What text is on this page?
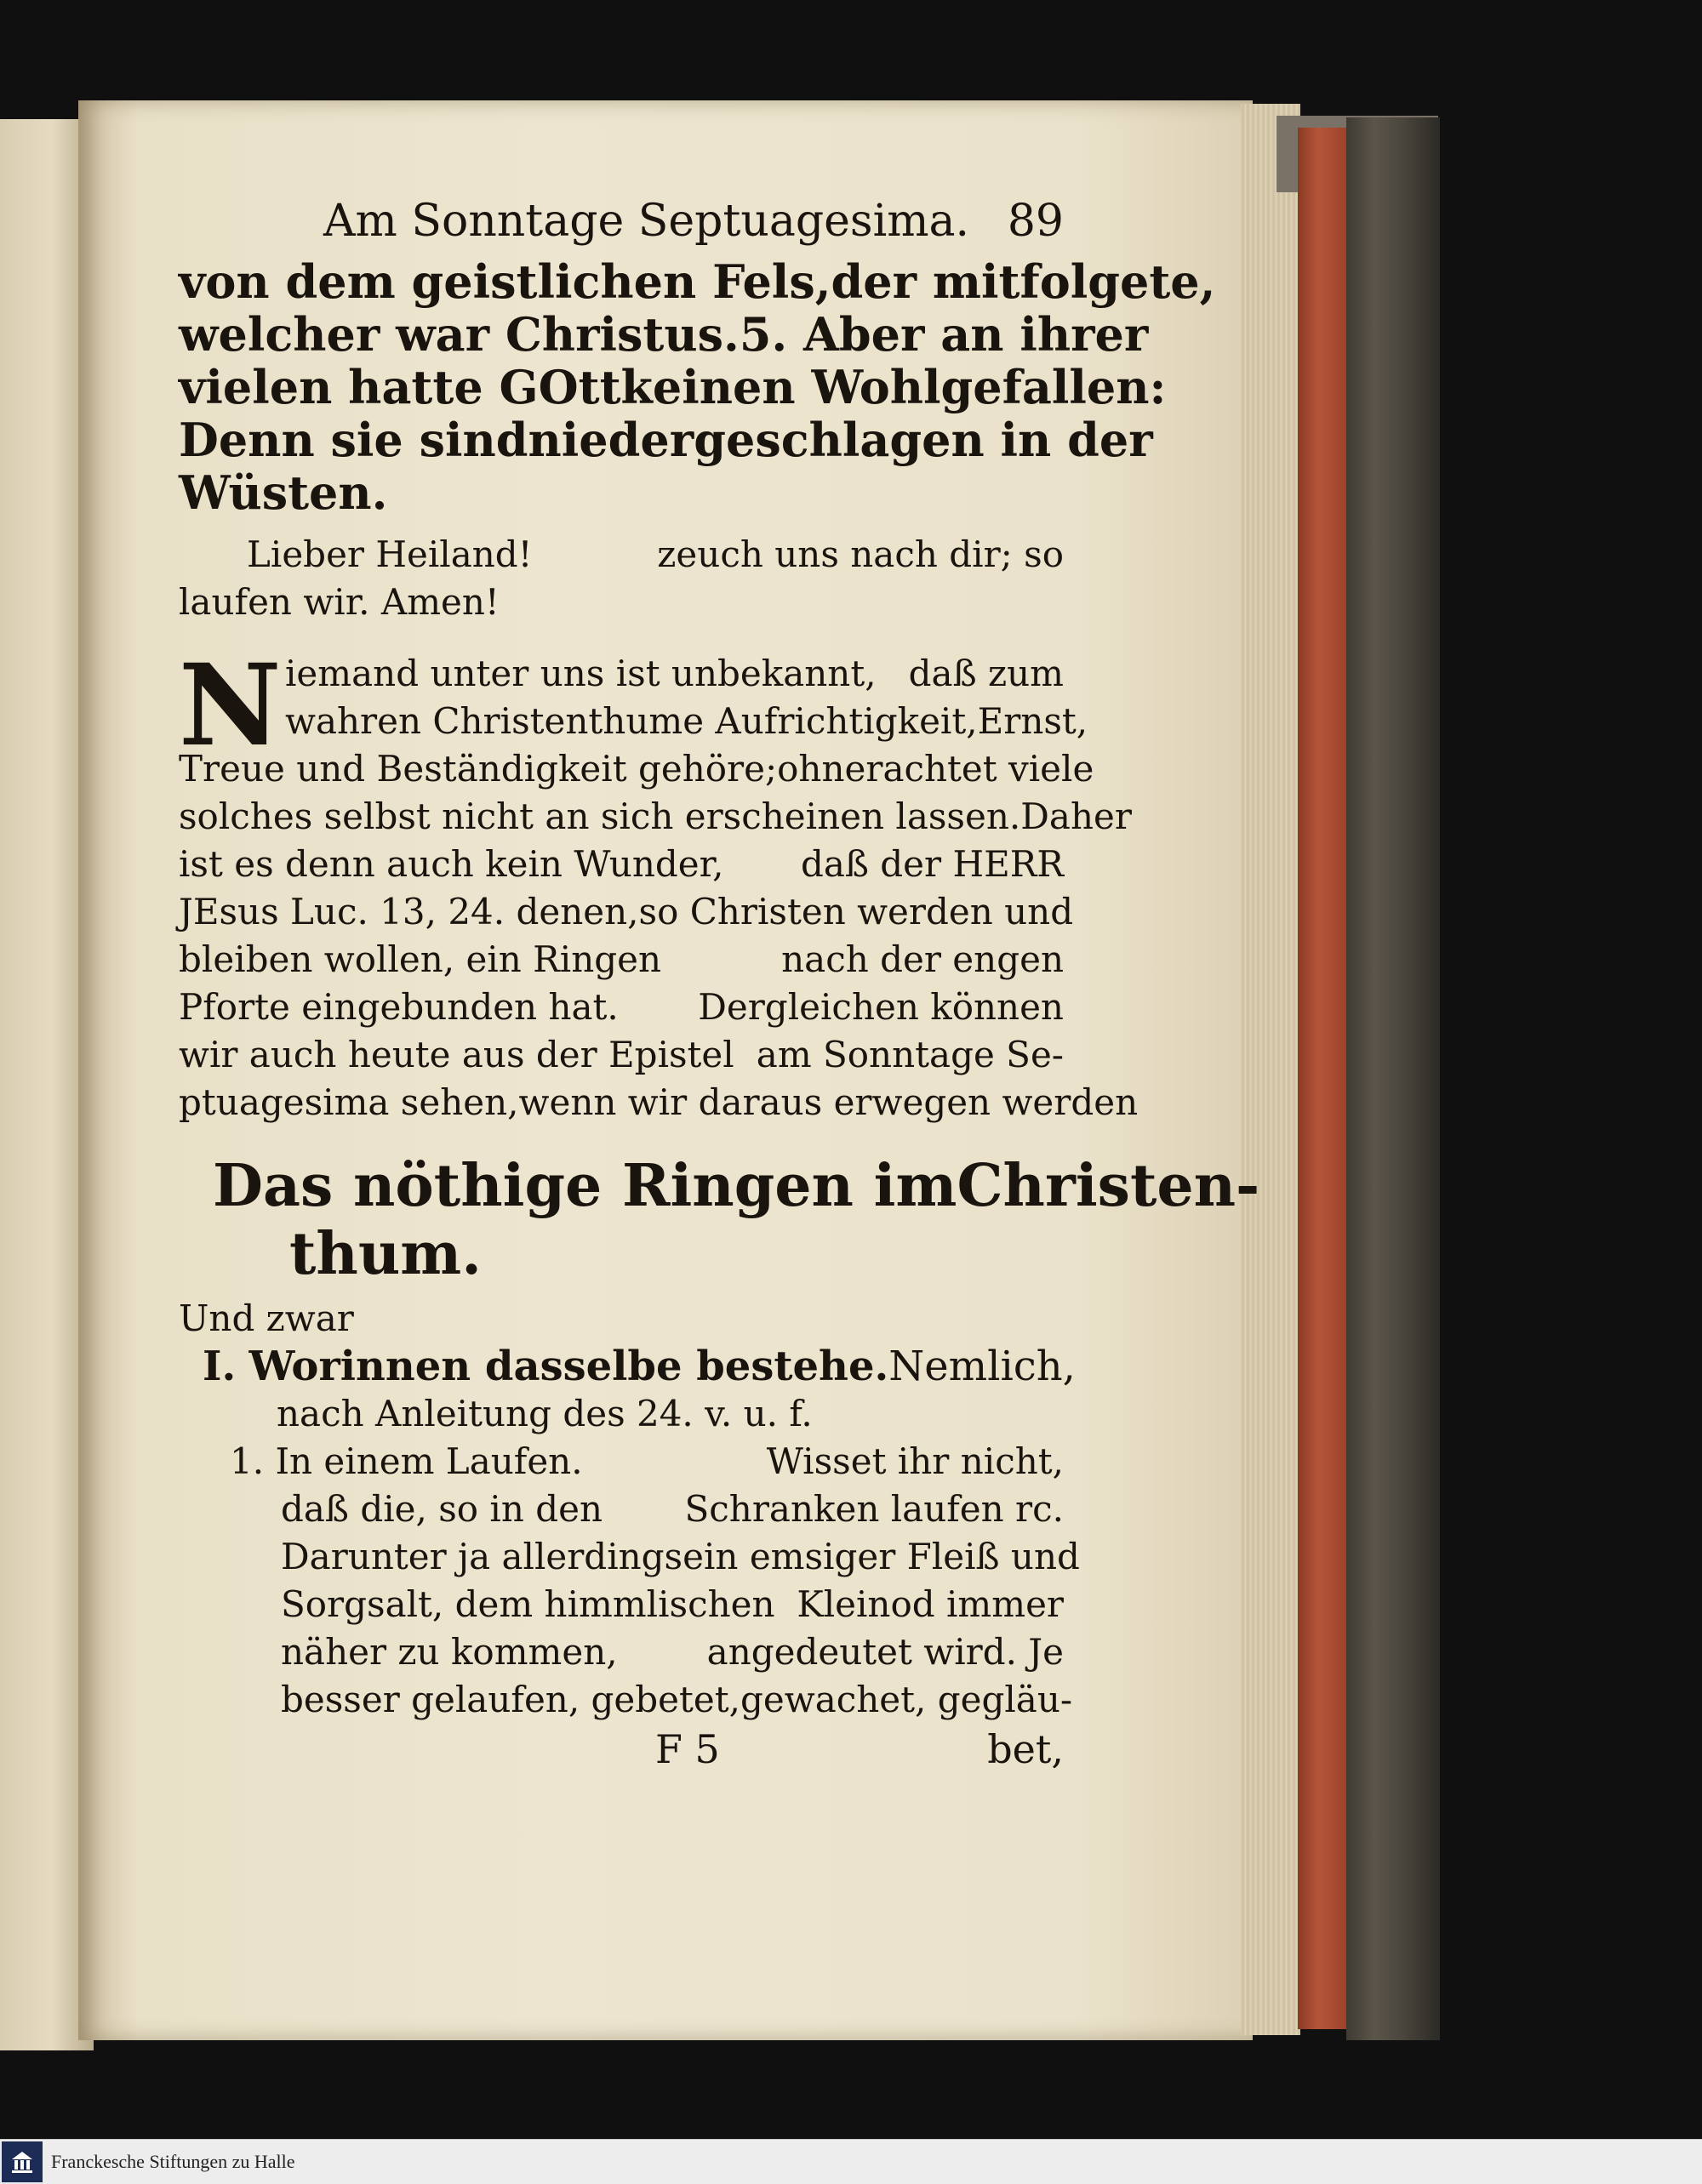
Am Sonntage Septuagesima. 89
von dem geistlichen Fels, der mitfolgete,
welcher war Christus. 5. Aber an ihrer
vielen hatte GOtt keinen Wohlgefallen:
Denn sie sind niedergeschlagen in der
Wüsten.
Lieber Heiland!	zeuch uns nach dir; so
laufen wir. Amen!
N iemand unter uns ist unbekannt, daß zum
wahren Christenthume Aufrichtigkeit, Ernst,
Treue und Beständigkeit gehöre; ohnerachtet viele
solches selbst nicht an sich erscheinen lassen. Daher
ist es denn auch kein Wunder, daß der HERR
JEsus Luc. 13, 24. denen, so Christen werden und
bleiben wollen, ein Ringen	nach der engen
Pforte eingebunden hat. Dergleichen können
wir auch heute aus der Epistel am Sonntage Se-
ptuagesima sehen, wenn wir daraus erwegen werden
Das nöthige Ringen im Christen-
thum.
Und zwar
I. Worinnen dasselbe bestehe. Nemlich,
nach Anleitung des 24. v. u. f.
1. In einem Laufen.	Wisset ihr nicht,
daß die, so in den Schranken laufen rc.
Darunter ja allerdings ein emsiger Fleiß und
Sorgsalt, dem himmlischen Kleinod immer
näher zu kommen,	angedeutet wird. Je
besser gelaufen, gebetet, gewachet, gegläu-
F 5	bet,
Franckesche Stiftungen zu Halle
